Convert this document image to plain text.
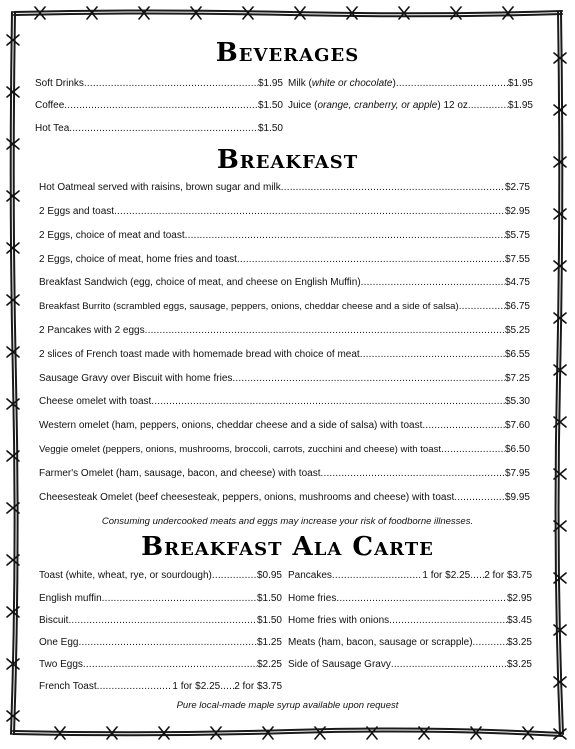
Beverages
Soft Drinks .....	$1.95
Coffee .....	$1.50
Hot Tea .....	$1.50
Milk (white or chocolate) .....	$1.95
Juice (orange, cranberry, or apple) 12 oz. .....	$1.95
Breakfast
Hot Oatmeal served with raisins, brown sugar and milk .....	$2.75
2 Eggs and toast .....	$2.95
2 Eggs, choice of meat and toast .....	$5.75
2 Eggs, choice of meat, home fries and toast .....	$7.55
Breakfast Sandwich (egg, choice of meat, and cheese on English Muffin) .....	$4.75
Breakfast Burrito (scrambled eggs, sausage, peppers, onions, cheddar cheese and a side of salsa) .....	$6.75
2 Pancakes with 2 eggs .....	$5.25
2 slices of French toast made with homemade bread with choice of meat .....	$6.55
Sausage Gravy over Biscuit with home fries .....	$7.25
Cheese omelet with toast .....	$5.30
Western omelet (ham, peppers, onions, cheddar cheese and a side of salsa) with toast .....	$7.60
Veggie omelet (peppers, onions, mushrooms, broccoli, carrots, zucchini and cheese) with toast .....	$6.50
Farmer's Omelet (ham, sausage, bacon, and cheese) with toast .....	$7.95
Cheesesteak Omelet (beef cheesesteak, peppers, onions, mushrooms and cheese) with toast .....	$9.95
Consuming undercooked meats and eggs may increase your risk of foodborne illnesses.
Breakfast Ala Carte
Toast (white, wheat, rye, or sourdough) .....	$0.95
English muffin .....	$1.50
Biscuit .....	$1.50
One Egg .....	$1.25
Two Eggs .....	$2.25
French Toast .....	1 for $2.25 ..... 2 for $3.75
Pancakes .....	1 for $2.25 ..... 2 for $3.75
Home fries .....	$2.95
Home fries with onions .....	$3.45
Meats (ham, bacon, sausage or scrapple) .....	$3.25
Side of Sausage Gravy .....	$3.25
Pure local-made maple syrup available upon request
